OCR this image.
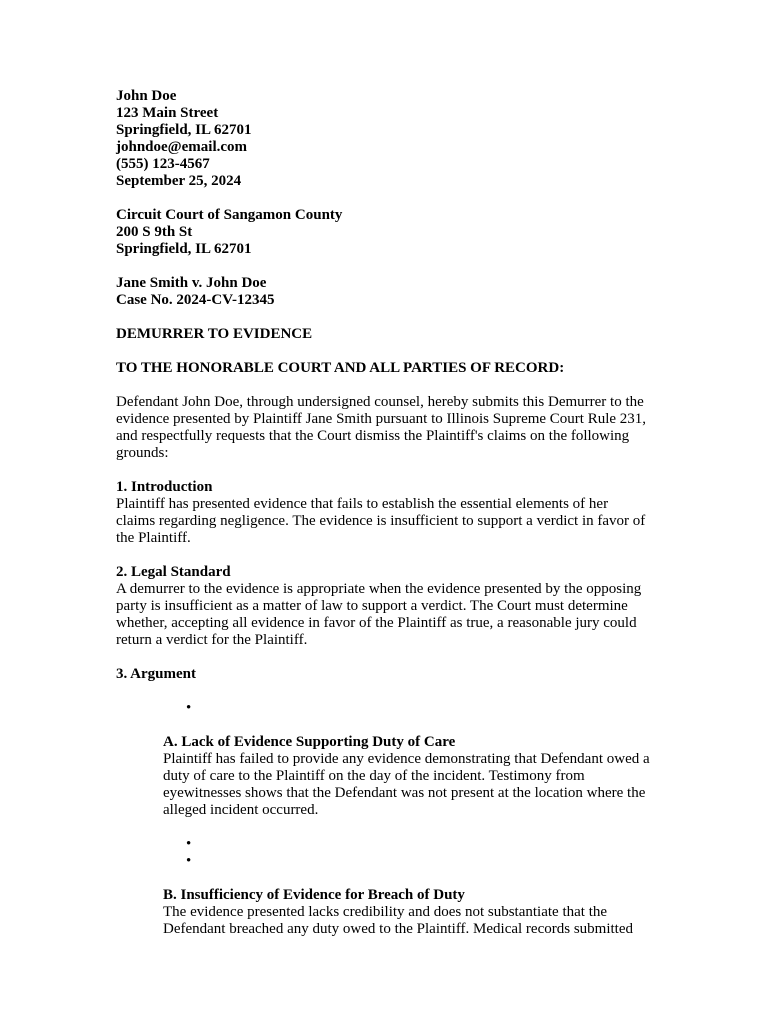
John Doe
123 Main Street
Springfield, IL 62701
johndoe@email.com
(555) 123-4567
September 25, 2024
Circuit Court of Sangamon County
200 S 9th St
Springfield, IL 62701
Jane Smith v. John Doe
Case No. 2024-CV-12345
DEMURRER TO EVIDENCE
TO THE HONORABLE COURT AND ALL PARTIES OF RECORD:

Defendant John Doe, through undersigned counsel, hereby submits this Demurrer to the evidence presented by Plaintiff Jane Smith pursuant to Illinois Supreme Court Rule 231, and respectfully requests that the Court dismiss the Plaintiff's claims on the following grounds:

1. Introduction

Plaintiff has presented evidence that fails to establish the essential elements of her claims regarding negligence. The evidence is insufficient to support a verdict in favor of the Plaintiff.

2. Legal Standard

A demurrer to the evidence is appropriate when the evidence presented by the opposing party is insufficient as a matter of law to support a verdict. The Court must determine whether, accepting all evidence in favor of the Plaintiff as true, a reasonable jury could return a verdict for the Plaintiff.

3. Argument
•
A. Lack of Evidence Supporting Duty of Care

Plaintiff has failed to provide any evidence demonstrating that Defendant owed a duty of care to the Plaintiff on the day of the incident. Testimony from eyewitnesses shows that the Defendant was not present at the location where the alleged incident occurred.

•
•
B. Insufficiency of Evidence for Breach of Duty

The evidence presented lacks credibility and does not substantiate that the Defendant breached any duty owed to the Plaintiff. Medical records submitted
